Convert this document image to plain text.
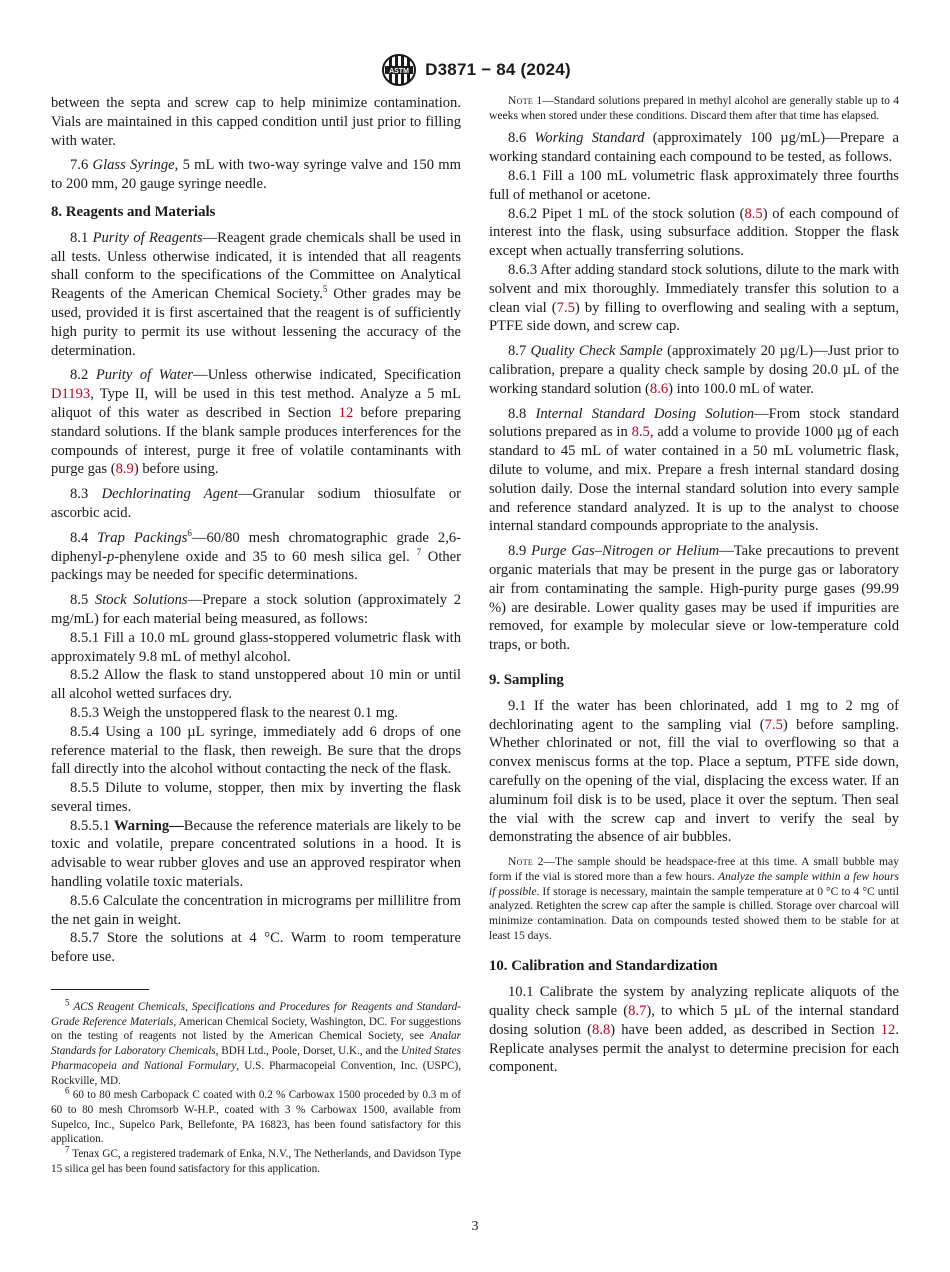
ASTM D3871 − 84 (2024)

between the septa and screw cap to help minimize contamination. Vials are maintained in this capped condition until just prior to filling with water.

7.6 Glass Syringe, 5 mL with two-way syringe valve and 150 mm to 200 mm, 20 gauge syringe needle.

8. Reagents and Materials

8.1 Purity of Reagents—Reagent grade chemicals shall be used in all tests. Unless otherwise indicated, it is intended that all reagents shall conform to the specifications of the Committee on Analytical Reagents of the American Chemical Society.$^5$ Other grades may be used, provided it is first ascertained that the reagent is of sufficiently high purity to permit its use without lessening the accuracy of the determination.

8.2 Purity of Water—Unless otherwise indicated, Specification D1193, Type II, will be used in this test method. Analyze a 5 mL aliquot of this water as described in Section 12 before preparing standard solutions. If the blank sample produces interferences for the compounds of interest, purge it free of volatile contaminants with purge gas (8.9) before using.

8.3 Dechlorinating Agent—Granular sodium thiosulfate or ascorbic acid.

8.4 Trap Packings$^6$—60/80 mesh chromatographic grade 2,6-diphenyl-p-phenylene oxide and 35 to 60 mesh silica gel. $^7$ Other packings may be needed for specific determinations.

8.5 Stock Solutions—Prepare a stock solution (approximately 2 mg/mL) for each material being measured, as follows:

8.5.1 Fill a 10.0 mL ground glass-stoppered volumetric flask with approximately 9.8 mL of methyl alcohol.

8.5.2 Allow the flask to stand unstoppered about 10 min or until all alcohol wetted surfaces dry.

8.5.3 Weigh the unstoppered flask to the nearest 0.1 mg.

8.5.4 Using a 100 µL syringe, immediately add 6 drops of one reference material to the flask, then reweigh. Be sure that the drops fall directly into the alcohol without contacting the neck of the flask.

8.5.5 Dilute to volume, stopper, then mix by inverting the flask several times.

8.5.5.1 Warning—Because the reference materials are likely to be toxic and volatile, prepare concentrated solutions in a hood. It is advisable to wear rubber gloves and use an approved respirator when handling volatile toxic materials.

8.5.6 Calculate the concentration in micrograms per millilitre from the net gain in weight.

8.5.7 Store the solutions at 4 °C. Warm to room temperature before use.

$^5$ ACS Reagent Chemicals, Specifications and Procedures for Reagents and Standard-Grade Reference Materials, American Chemical Society, Washington, DC. For suggestions on the testing of reagents not listed by the American Chemical Society, see Analar Standards for Laboratory Chemicals, BDH Ltd., Poole, Dorset, U.K., and the United States Pharmacopeia and National Formulary, U.S. Pharmacopeial Convention, Inc. (USPC), Rockville, MD.

$^6$ 60 to 80 mesh Carbopack C coated with 0.2 % Carbowax 1500 proceded by 0.3 m of 60 to 80 mesh Chromsorb W-H.P., coated with 3 % Carbowax 1500, available from Supelco, Inc., Supelco Park, Bellefonte, PA 16823, has been found satisfactory for this application.

$^7$ Tenax GC, a registered trademark of Enka, N.V., The Netherlands, and Davidson Type 15 silica gel has been found satisfactory for this application.

Note 1—Standard solutions prepared in methyl alcohol are generally stable up to 4 weeks when stored under these conditions. Discard them after that time has elapsed.

8.6 Working Standard (approximately 100 µg/mL)—Prepare a working standard containing each compound to be tested, as follows.

8.6.1 Fill a 100 mL volumetric flask approximately three fourths full of methanol or acetone.

8.6.2 Pipet 1 mL of the stock solution (8.5) of each compound of interest into the flask, using subsurface addition. Stopper the flask except when actually transferring solutions.

8.6.3 After adding standard stock solutions, dilute to the mark with solvent and mix thoroughly. Immediately transfer this solution to a clean vial (7.5) by filling to overflowing and sealing with a septum, PTFE side down, and screw cap.

8.7 Quality Check Sample (approximately 20 µg/L)—Just prior to calibration, prepare a quality check sample by dosing 20.0 µL of the working standard solution (8.6) into 100.0 mL of water.

8.8 Internal Standard Dosing Solution—From stock standard solutions prepared as in 8.5, add a volume to provide 1000 µg of each standard to 45 mL of water contained in a 50 mL volumetric flask, dilute to volume, and mix. Prepare a fresh internal standard dosing solution daily. Dose the internal standard solution into every sample and reference standard analyzed. It is up to the analyst to choose internal standard compounds appropriate to the analysis.

8.9 Purge Gas–Nitrogen or Helium—Take precautions to prevent organic materials that may be present in the purge gas or laboratory air from contaminating the sample. High-purity purge gases (99.99 %) are desirable. Lower quality gases may be used if impurities are removed, for example by molecular sieve or low-temperature cold traps, or both.

9. Sampling

9.1 If the water has been chlorinated, add 1 mg to 2 mg of dechlorinating agent to the sampling vial (7.5) before sampling. Whether chlorinated or not, fill the vial to overflowing so that a convex meniscus forms at the top. Place a septum, PTFE side down, carefully on the opening of the vial, displacing the excess water. If an aluminum foil disk is to be used, place it over the septum. Then seal the vial with the screw cap and invert to verify the seal by demonstrating the absence of air bubbles.

Note 2—The sample should be headspace-free at this time. A small bubble may form if the vial is stored more than a few hours. Analyze the sample within a few hours if possible. If storage is necessary, maintain the sample temperature at 0 °C to 4 °C until analyzed. Retighten the screw cap after the sample is chilled. Storage over charcoal will minimize contamination. Data on compounds tested showed them to be stable for at least 15 days.

10. Calibration and Standardization

10.1 Calibrate the system by analyzing replicate aliquots of the quality check sample (8.7), to which 5 µL of the internal standard dosing solution (8.8) have been added, as described in Section 12. Replicate analyses permit the analyst to determine precision for each component.

3
